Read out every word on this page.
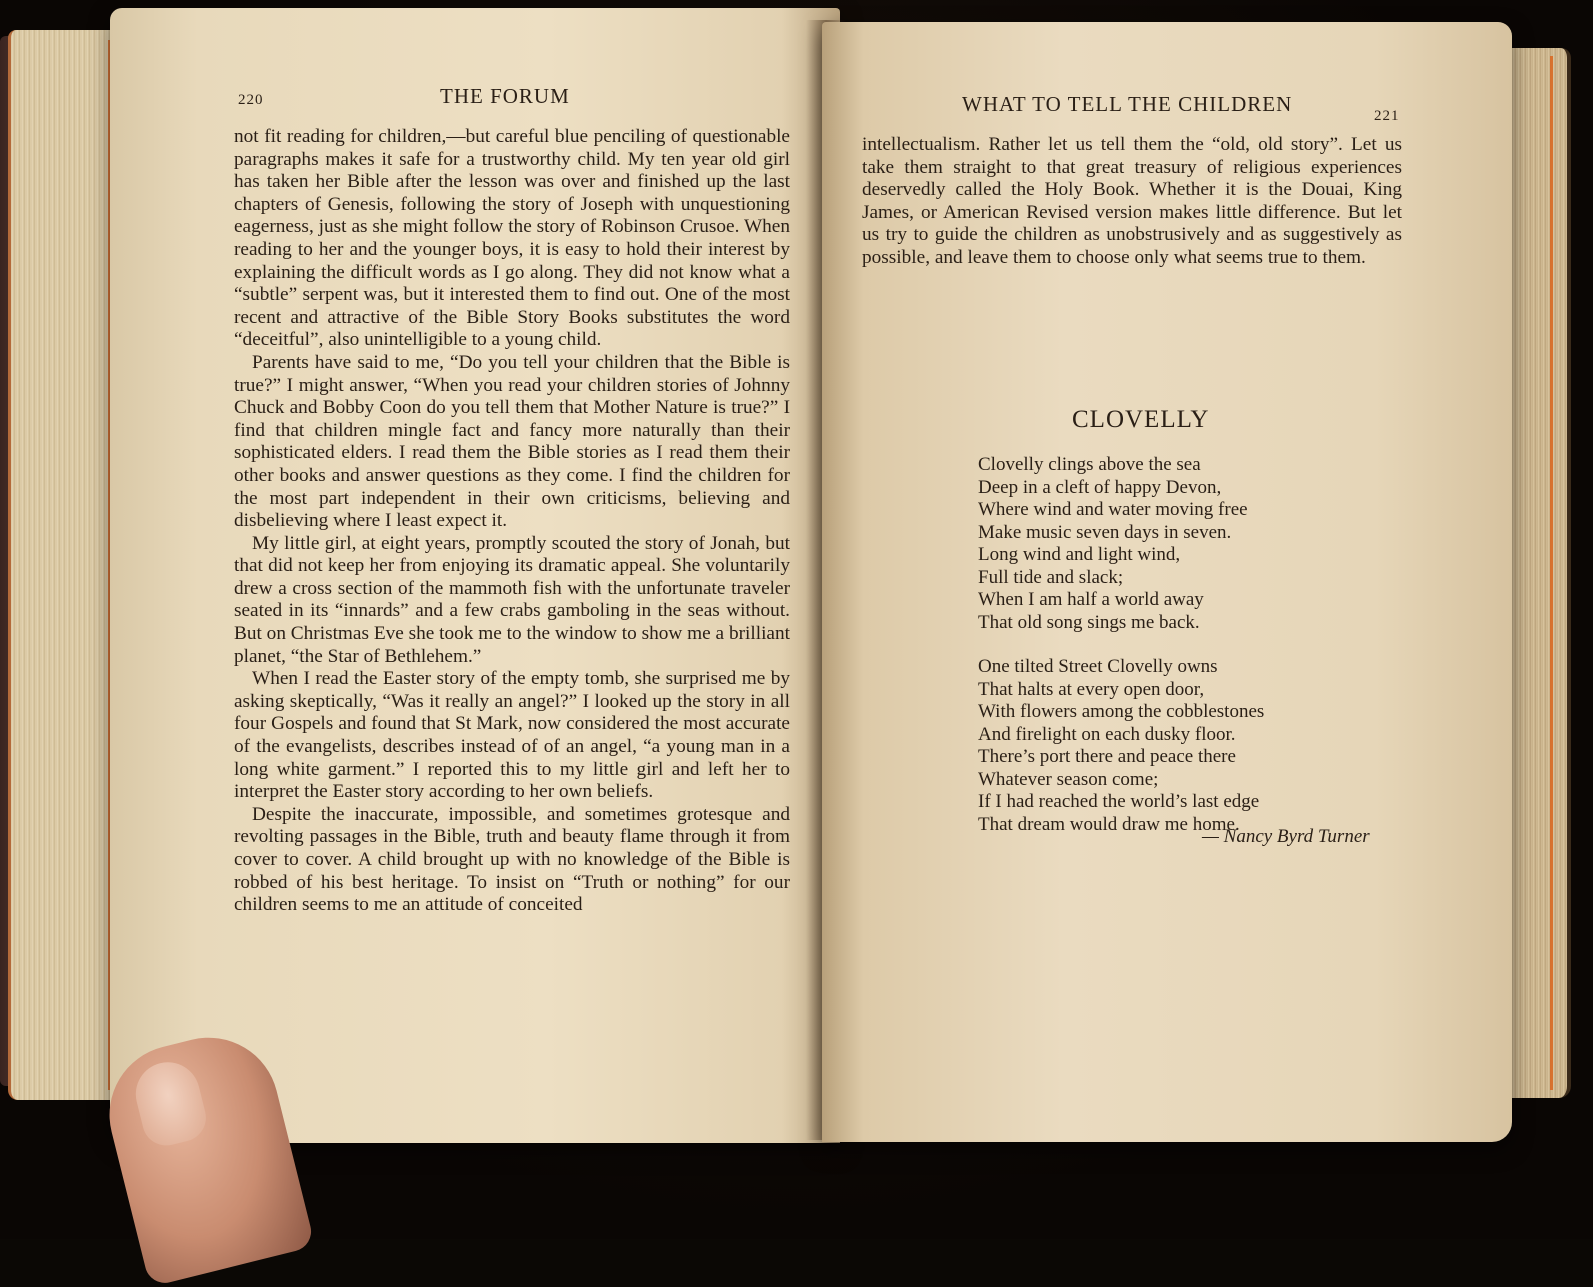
220	THE FORUM

not fit reading for children,—but careful blue penciling of questionable paragraphs makes it safe for a trustworthy child. My ten year old girl has taken her Bible after the lesson was over and finished up the last chapters of Genesis, following the story of Joseph with unquestioning eagerness, just as she might follow the story of Robinson Crusoe. When reading to her and the younger boys, it is easy to hold their interest by explaining the difficult words as I go along. They did not know what a “subtle” serpent was, but it interested them to find out. One of the most recent and attractive of the Bible Story Books substitutes the word “deceitful”, also unintelligible to a young child.

Parents have said to me, “Do you tell your children that the Bible is true?” I might answer, “When you read your children stories of Johnny Chuck and Bobby Coon do you tell them that Mother Nature is true?” I find that children mingle fact and fancy more naturally than their sophisticated elders. I read them the Bible stories as I read them their other books and answer questions as they come. I find the children for the most part independent in their own criticisms, believing and disbelieving where I least expect it.

My little girl, at eight years, promptly scouted the story of Jonah, but that did not keep her from enjoying its dramatic appeal. She voluntarily drew a cross section of the mammoth fish with the unfortunate traveler seated in its “innards” and a few crabs gamboling in the seas without. But on Christmas Eve she took me to the window to show me a brilliant planet, “the Star of Bethlehem.”

When I read the Easter story of the empty tomb, she surprised me by asking skeptically, “Was it really an angel?” I looked up the story in all four Gospels and found that St Mark, now considered the most accurate of the evangelists, describes instead of of an angel, “a young man in a long white garment.” I reported this to my little girl and left her to interpret the Easter story according to her own beliefs.

Despite the inaccurate, impossible, and sometimes grotesque and revolting passages in the Bible, truth and beauty flame through it from cover to cover. A child brought up with no knowledge of the Bible is robbed of his best heritage. To insist on “Truth or nothing” for our children seems to me an attitude of conceited

WHAT TO TELL THE CHILDREN	221

intellectualism. Rather let us tell them the “old, old story”. Let us take them straight to that great treasury of religious experiences deservedly called the Holy Book. Whether it is the Douai, King James, or American Revised version makes little difference. But let us try to guide the children as unobstrusively and as suggestively as possible, and leave them to choose only what seems true to them.

CLOVELLY
Clovelly clings above the sea
Deep in a cleft of happy Devon,
Where wind and water moving free
Make music seven days in seven.
Long wind and light wind,
Full tide and slack;
When I am half a world away
That old song sings me back.
One tilted Street Clovelly owns
That halts at every open door,
With flowers among the cobblestones
And firelight on each dusky floor.
There’s port there and peace there
Whatever season come;
If I had reached the world’s last edge
That dream would draw me home.
— Nancy Byrd Turner
